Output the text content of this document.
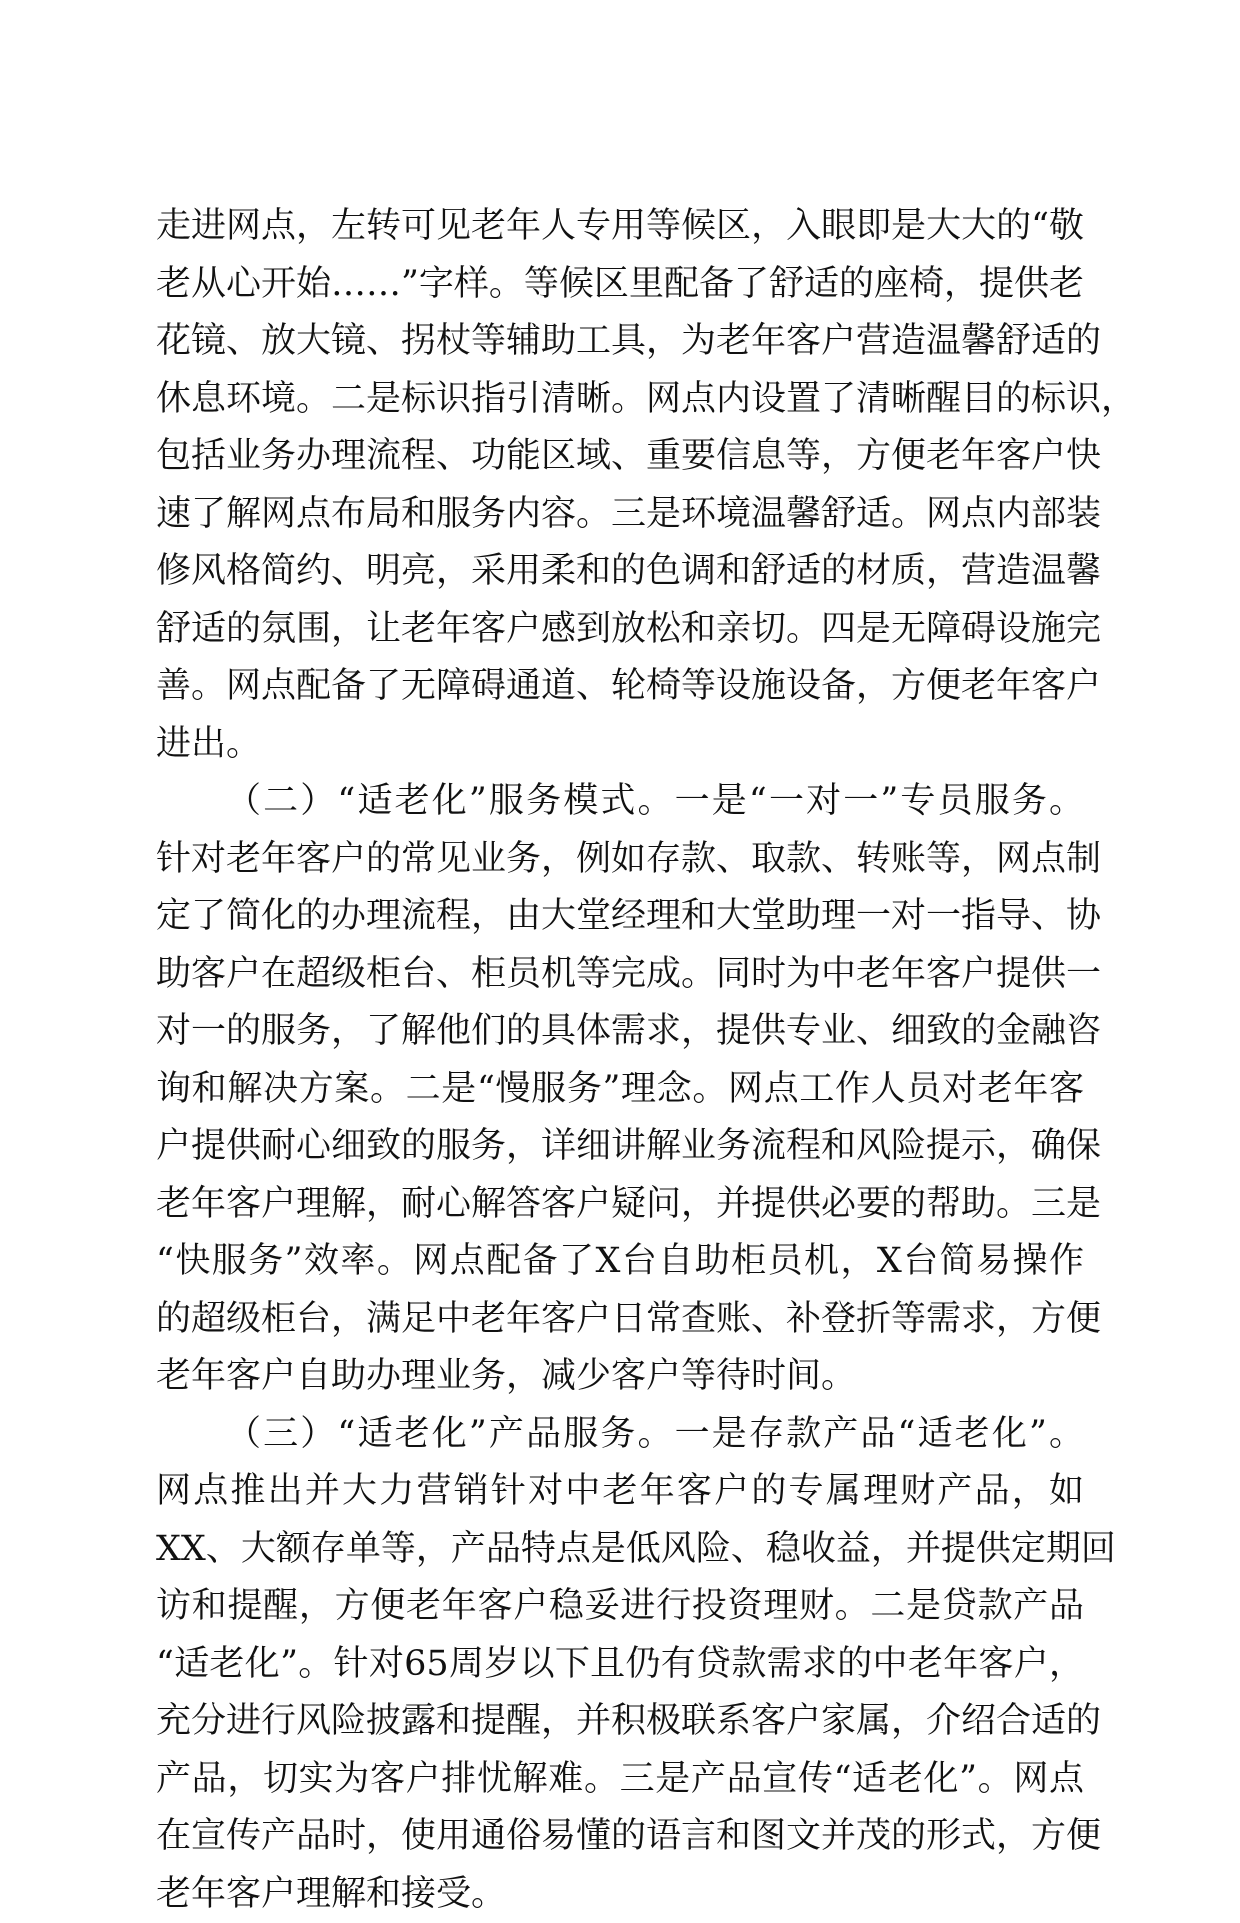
走进网点，左转可见老年人专用等候区，入眼即是大大的“敬
老从心开始……”字样。等候区里配备了舒适的座椅，提供老
花镜、放大镜、拐杖等辅助工具，为老年客户营造温馨舒适的
休息环境。二是标识指引清晰。网点内设置了清晰醒目的标识，
包括业务办理流程、功能区域、重要信息等，方便老年客户快
速了解网点布局和服务内容。三是环境温馨舒适。网点内部装
修风格简约、明亮，采用柔和的色调和舒适的材质，营造温馨
舒适的氛围，让老年客户感到放松和亲切。四是无障碍设施完
善。网点配备了无障碍通道、轮椅等设施设备，方便老年客户
进出。
（二）“适老化”服务模式。一是“一对一”专员服务。
针对老年客户的常见业务，例如存款、取款、转账等，网点制
定了简化的办理流程，由大堂经理和大堂助理一对一指导、协
助客户在超级柜台、柜员机等完成。同时为中老年客户提供一
对一的服务，了解他们的具体需求，提供专业、细致的金融咨
询和解决方案。二是“慢服务”理念。网点工作人员对老年客
户提供耐心细致的服务，详细讲解业务流程和风险提示，确保
老年客户理解，耐心解答客户疑问，并提供必要的帮助。三是
“快服务”效率。网点配备了X台自助柜员机，X台简易操作
的超级柜台，满足中老年客户日常查账、补登折等需求，方便
老年客户自助办理业务，减少客户等待时间。
（三）“适老化”产品服务。一是存款产品“适老化”。
网点推出并大力营销针对中老年客户的专属理财产品，如
XX、大额存单等，产品特点是低风险、稳收益，并提供定期回
访和提醒，方便老年客户稳妥进行投资理财。二是贷款产品
“适老化”。针对65周岁以下且仍有贷款需求的中老年客户，
充分进行风险披露和提醒，并积极联系客户家属，介绍合适的
产品，切实为客户排忧解难。三是产品宣传“适老化”。网点
在宣传产品时，使用通俗易懂的语言和图文并茂的形式，方便
老年客户理解和接受。
